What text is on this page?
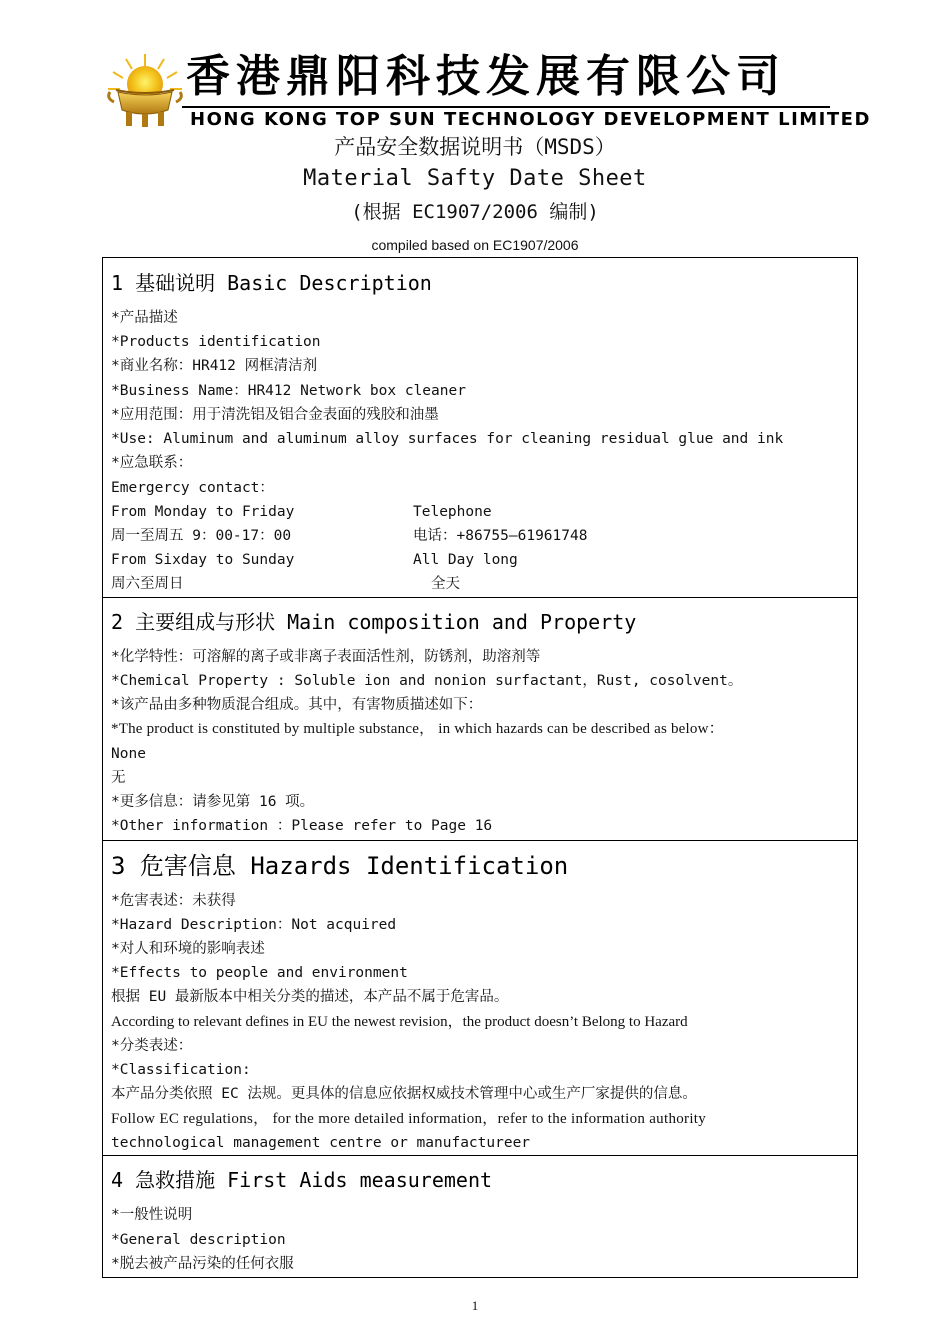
香港鼎阳科技发展有限公司
HONG KONG TOP SUN TECHNOLOGY DEVELOPMENT LIMITED
产品安全数据说明书（MSDS）
Material Safty Date Sheet
(根据 EC1907/2006 编制)
compiled based on EC1907/2006
1 基础说明 Basic Description
*产品描述
*Products identification
*商业名称：HR412 网框清洁剂
*Business Name：HR412 Network box cleaner
*应用范围：用于清洗铝及铝合金表面的残胶和油墨
*Use: Aluminum and aluminum alloy surfaces for cleaning residual glue and ink
*应急联系：
Emergercy contact：
From Monday to Friday	Telephone
周一至周五 9：00-17：00	电话：+86755—61961748
From Sixday to Sunday	All Day long
周六至周日	全天
2 主要组成与形状 Main composition and Property
*化学特性：可溶解的离子或非离子表面活性剂，防锈剂，助溶剂等
*Chemical Property : Soluble ion and nonion surfactant，Rust, cosolvent。
*该产品由多种物质混合组成。其中，有害物质描述如下：
*The product is constituted by multiple substance， in which hazards can be described as below：
None
无
*更多信息：请参见第 16 项。
*Other information ：Please refer to Page 16
3 危害信息 Hazards Identification
*危害表述：未获得
*Hazard Description：Not acquired
*对人和环境的影响表述
*Effects to people and environment
根据 EU 最新版本中相关分类的描述，本产品不属于危害品。
According to relevant defines in EU the newest revision，the product doesn’t Belong to Hazard
*分类表述：
*Classification:
本产品分类依照 EC 法规。更具体的信息应依据权威技术管理中心或生产厂家提供的信息。
Follow EC regulations， for the more detailed information，refer to the information authority
technological management centre or manufactureer
4 急救措施 First Aids measurement
*一般性说明
*General description
*脱去被产品污染的任何衣服
1
